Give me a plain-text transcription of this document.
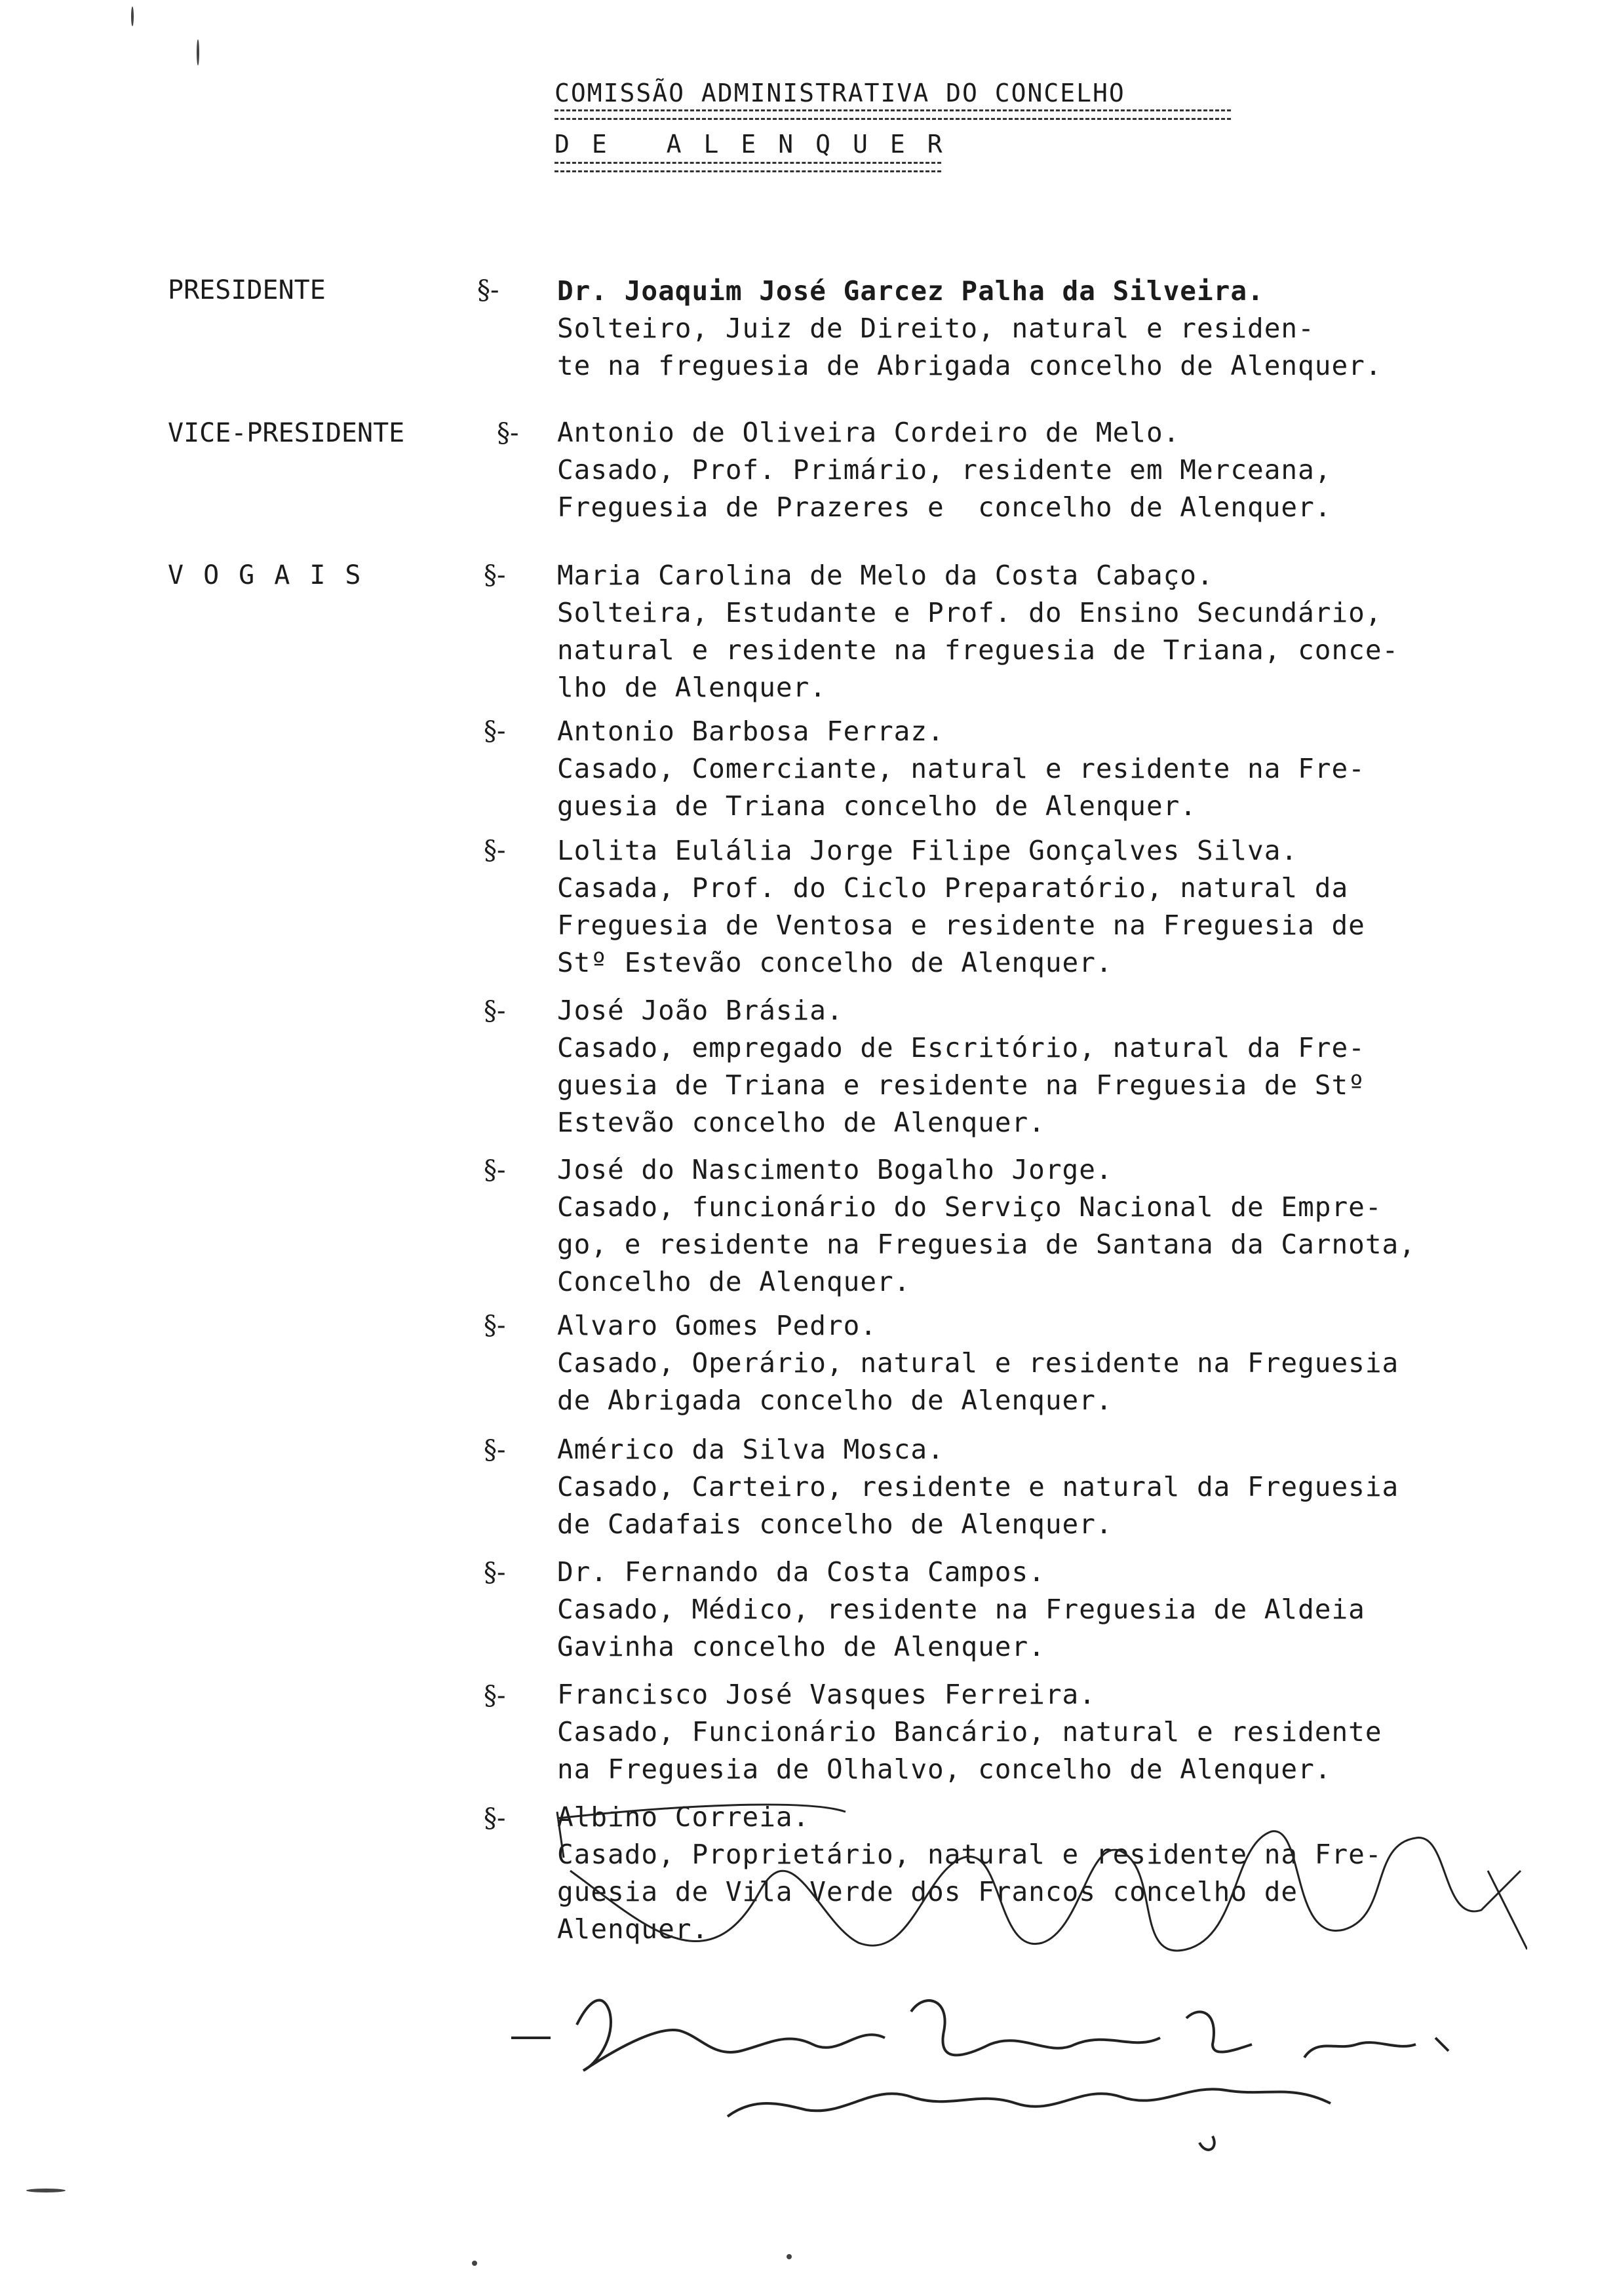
COMISSÃO ADMINISTRATIVA DO CONCELHO
DE ALENQUER
PRESIDENTE
VICE-PRESIDENTE
VOGAIS
§-
§-
§-
§-
§-
§-
§-
§-
§-
§-
§-
§-
Dr. Joaquim José Garcez Palha da Silveira.
Solteiro, Juiz de Direito, natural e residen-
te na freguesia de Abrigada concelho de Alenquer.
Antonio de Oliveira Cordeiro de Melo.
Casado, Prof. Primário, residente em Merceana,
Freguesia de Prazeres e  concelho de Alenquer.
Maria Carolina de Melo da Costa Cabaço.
Solteira, Estudante e Prof. do Ensino Secundário,
natural e residente na freguesia de Triana, conce-
lho de Alenquer.
Antonio Barbosa Ferraz.
Casado, Comerciante, natural e residente na Fre-
guesia de Triana concelho de Alenquer.
Lolita Eulália Jorge Filipe Gonçalves Silva.
Casada, Prof. do Ciclo Preparatório, natural da
Freguesia de Ventosa e residente na Freguesia de
Stº Estevão concelho de Alenquer.
José João Brásia.
Casado, empregado de Escritório, natural da Fre-
guesia de Triana e residente na Freguesia de Stº
Estevão concelho de Alenquer.
José do Nascimento Bogalho Jorge.
Casado, funcionário do Serviço Nacional de Empre-
go, e residente na Freguesia de Santana da Carnota,
Concelho de Alenquer.
Alvaro Gomes Pedro.
Casado, Operário, natural e residente na Freguesia
de Abrigada concelho de Alenquer.
Américo da Silva Mosca.
Casado, Carteiro, residente e natural da Freguesia
de Cadafais concelho de Alenquer.
Dr. Fernando da Costa Campos.
Casado, Médico, residente na Freguesia de Aldeia
Gavinha concelho de Alenquer.
Francisco José Vasques Ferreira.
Casado, Funcionário Bancário, natural e residente
na Freguesia de Olhalvo, concelho de Alenquer.
Albino Correia.
Casado, Proprietário, natural e residente na Fre-
guesia de Vila Verde dos Francos concelho de
Alenquer.
